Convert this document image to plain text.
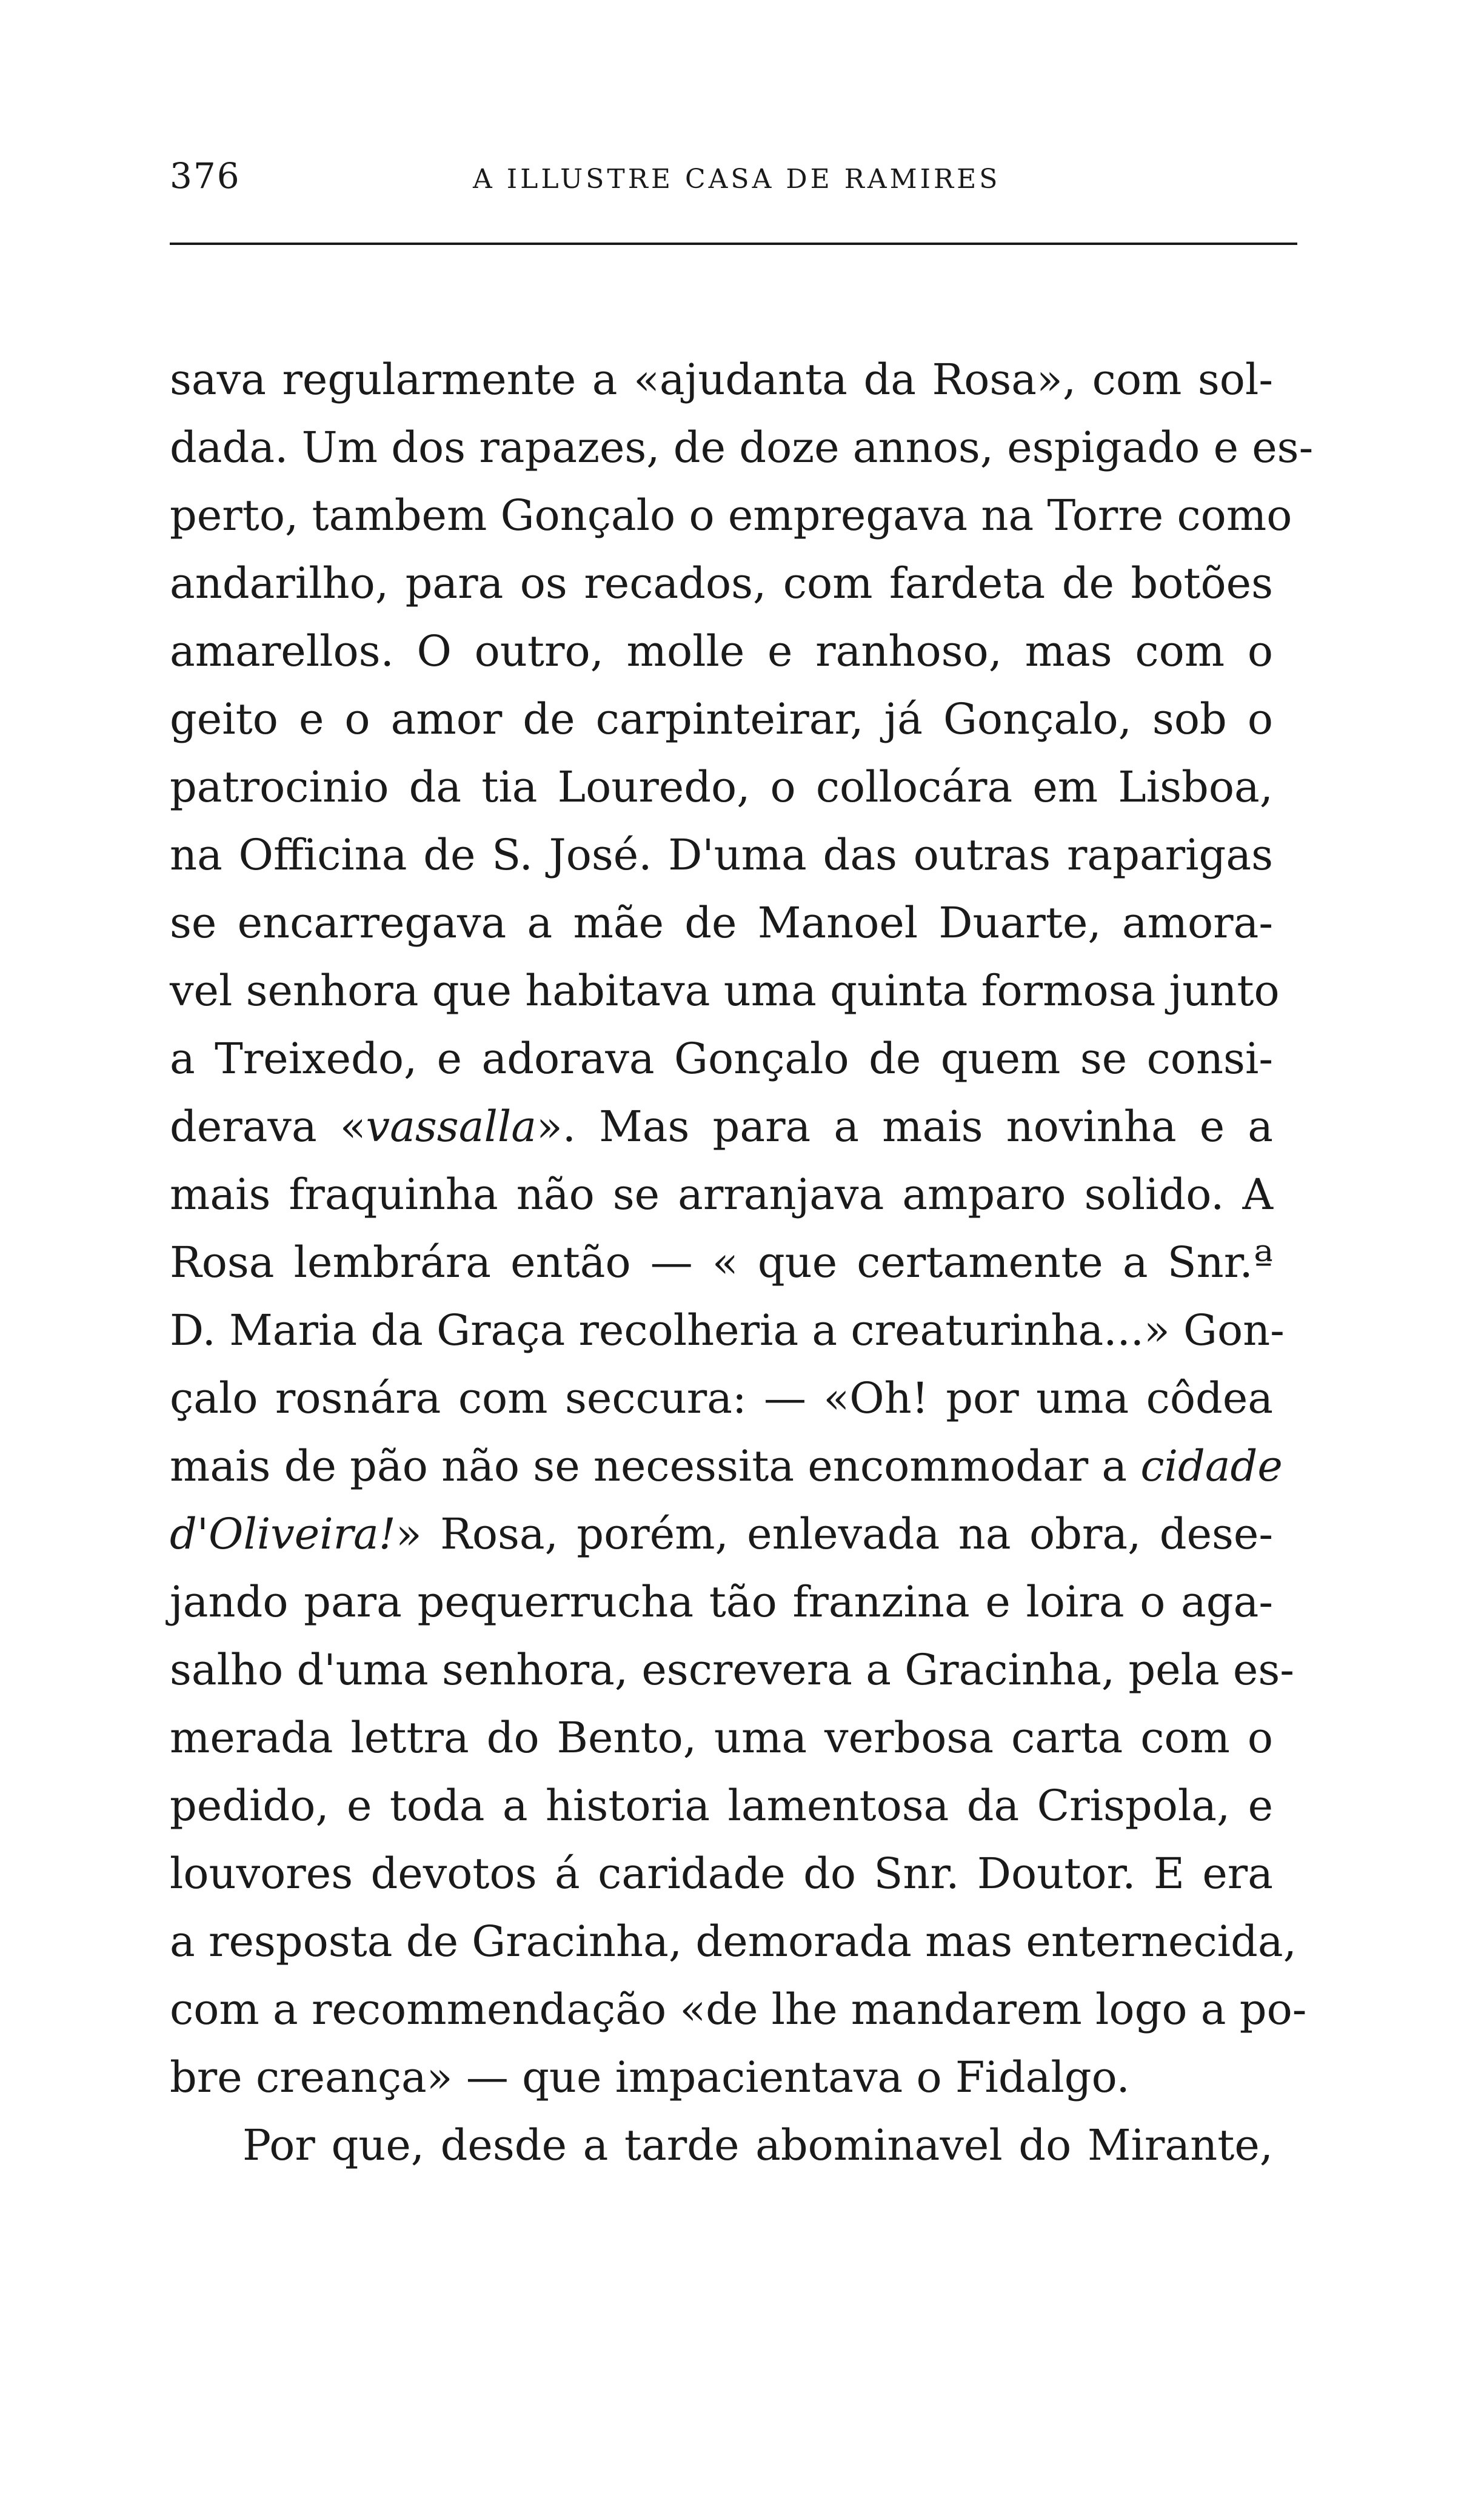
376	A ILLUSTRE CASA DE RAMIRES
sava regularmente a «ajudanta da Rosa», com sol-
dada. Um dos rapazes, de doze annos, espigado e es-
perto, tambem Gonçalo o empregava na Torre como
andarilho, para os recados, com fardeta de botões
amarellos. O outro, molle e ranhoso, mas com o
geito e o amor de carpinteirar, já Gonçalo, sob o
patrocinio da tia Louredo, o collocára em Lisboa,
na Officina de S. José. D'uma das outras raparigas
se encarregava a mãe de Manoel Duarte, amora-
vel senhora que habitava uma quinta formosa junto
a Treixedo, e adorava Gonçalo de quem se consi-
derava «vassalla». Mas para a mais novinha e a
mais fraquinha não se arranjava amparo solido. A
Rosa lembrára então — « que certamente a Snr.ª
D. Maria da Graça recolheria a creaturinha...» Gon-
çalo rosnára com seccura: — «Oh! por uma côdea
mais de pão não se necessita encommodar a cidade
d'Oliveira!» Rosa, porém, enlevada na obra, dese-
jando para pequerrucha tão franzina e loira o aga-
salho d'uma senhora, escrevera a Gracinha, pela es-
merada lettra do Bento, uma verbosa carta com o
pedido, e toda a historia lamentosa da Crispola, e
louvores devotos á caridade do Snr. Doutor. E era
a resposta de Gracinha, demorada mas enternecida,
com a recommendação «de lhe mandarem logo a po-
bre creança» — que impacientava o Fidalgo.
Por que, desde a tarde abominavel do Mirante,
